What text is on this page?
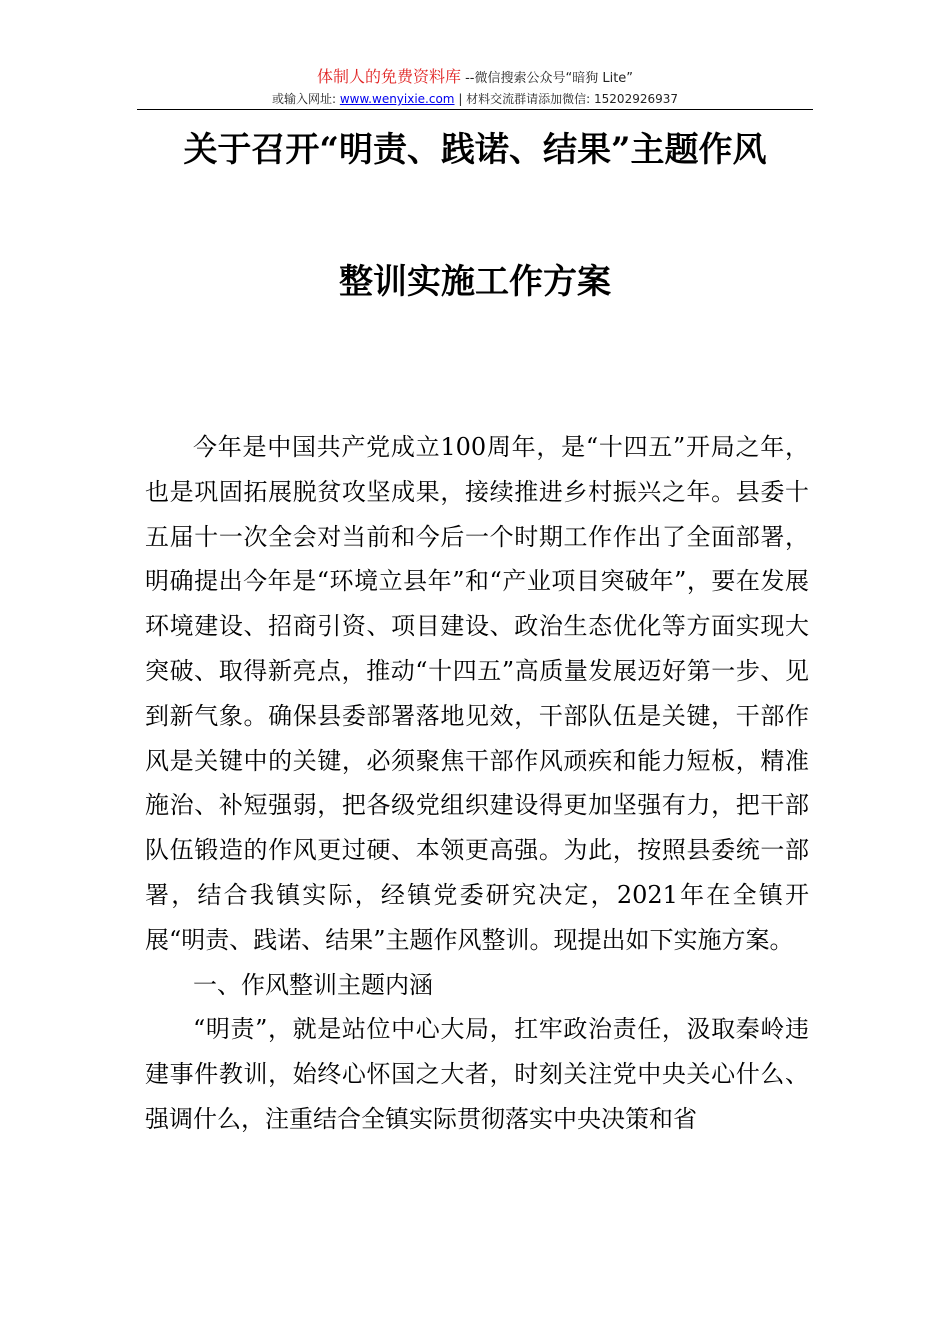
体制人的免费资料库 --微信搜索公众号“暗狗 Lite”
或输入网址: www.wenyixie.com | 材料交流群请添加微信: 15202926937
关于召开“明责、践诺、结果”主题作风
整训实施工作方案

今年是中国共产党成立100周年，是“十四五”开局之年，也是巩固拓展脱贫攻坚成果，接续推进乡村振兴之年。县委十五届十一次全会对当前和今后一个时期工作作出了全面部署，明确提出今年是“环境立县年”和“产业项目突破年”，要在发展环境建设、招商引资、项目建设、政治生态优化等方面实现大突破、取得新亮点，推动“十四五”高质量发展迈好第一步、见到新气象。确保县委部署落地见效，干部队伍是关键，干部作风是关键中的关键，必须聚焦干部作风顽疾和能力短板，精准施治、补短强弱，把各级党组织建设得更加坚强有力，把干部队伍锻造的作风更过硬、本领更高强。为此，按照县委统一部署，结合我镇实际，经镇党委研究决定，2021年在全镇开展“明责、践诺、结果”主题作风整训。现提出如下实施方案。

一、作风整训主题内涵

“明责”，就是站位中心大局，扛牢政治责任，汲取秦岭违建事件教训，始终心怀国之大者，时刻关注党中央关心什么、强调什么，注重结合全镇实际贯彻落实中央决策和省
